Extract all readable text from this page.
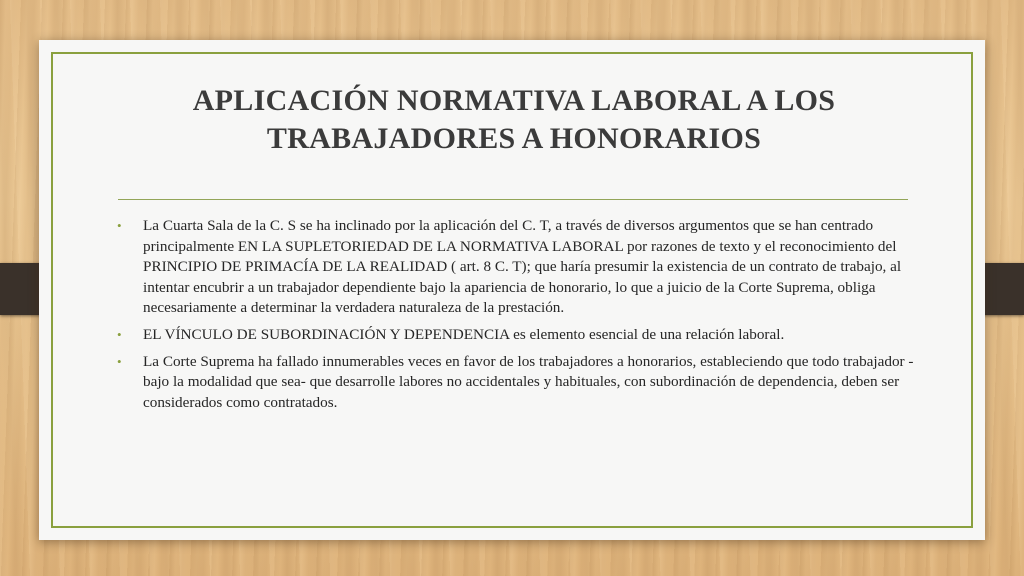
APLICACIÓN NORMATIVA LABORAL A LOS
TRABAJADORES A HONORARIOS
• La Cuarta Sala de la C. S se ha inclinado por la aplicación del C. T, a través de diversos argumentos que se han centrado principalmente EN LA SUPLETORIEDAD DE LA NORMATIVA LABORAL por razones de texto y el reconocimiento del PRINCIPIO DE PRIMACÍA DE LA REALIDAD ( art. 8 C. T); que haría presumir la existencia de un contrato de trabajo, al intentar encubrir a un trabajador dependiente bajo la apariencia de honorario, lo que a juicio de la Corte Suprema, obliga necesariamente a determinar la verdadera naturaleza de la prestación.
• EL VÍNCULO DE SUBORDINACIÓN Y DEPENDENCIA es elemento esencial de una relación laboral.
• La Corte Suprema ha fallado innumerables veces en favor de los trabajadores a honorarios, estableciendo que todo trabajador -bajo la modalidad que sea- que desarrolle labores no accidentales y habituales, con subordinación de dependencia, deben ser considerados como contratados.
